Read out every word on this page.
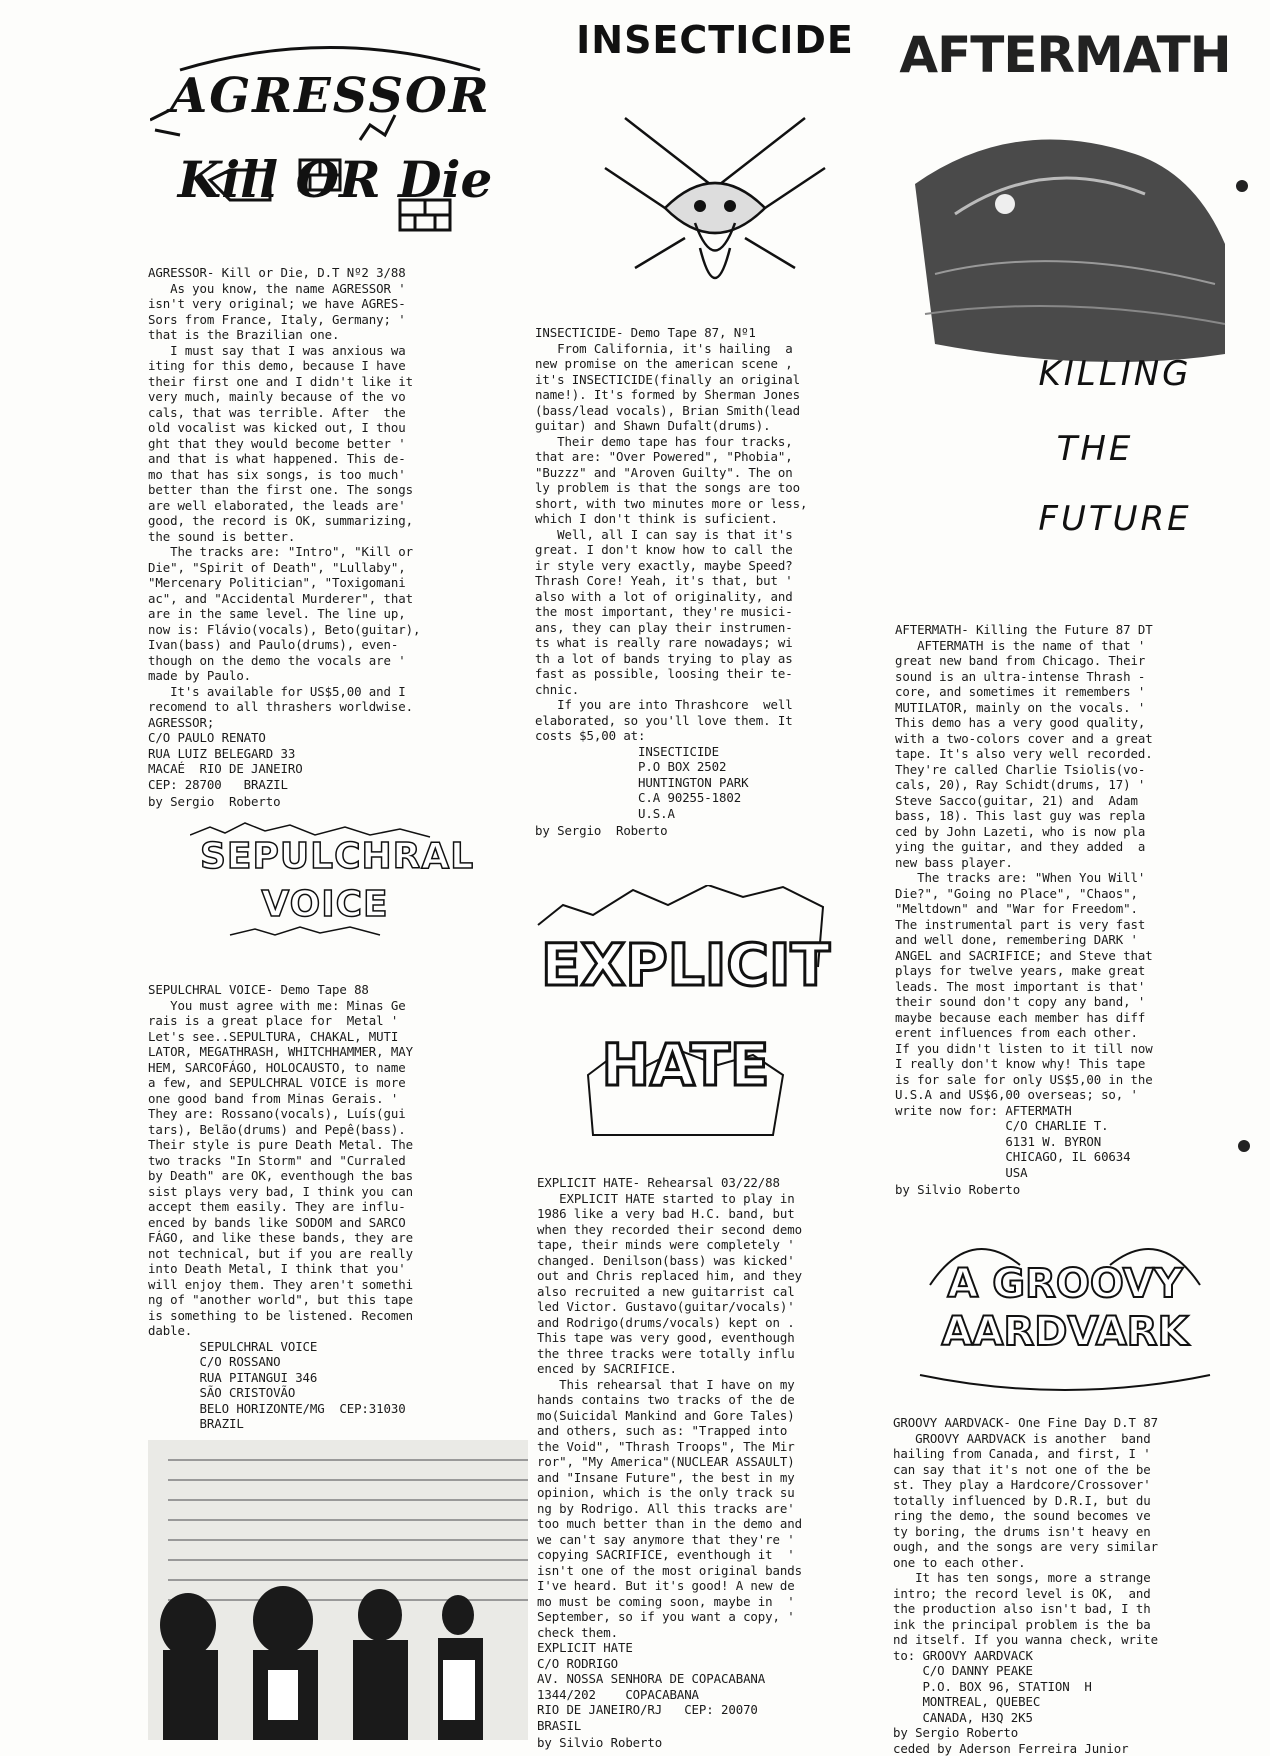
AGRESSOR
Kill OR Die
AGRESSOR- Kill or Die, D.T Nº2 3/88
As you know, the name AGRESSOR '
isn't very original; we have AGRES-
Sors from France, Italy, Germany; '
that is the Brazilian one.
I must say that I was anxious wa
iting for this demo, because I have
their first one and I didn't like it
very much, mainly because of the vo
cals, that was terrible. After  the
old vocalist was kicked out, I thou
ght that they would become better '
and that is what happened. This de-
mo that has six songs, is too much'
better than the first one. The songs
are well elaborated, the leads are'
good, the record is OK, summarizing,
the sound is better.
The tracks are: "Intro", "Kill or
Die", "Spirit of Death", "Lullaby",
"Mercenary Politician", "Toxigomani
ac", and "Accidental Murderer", that
are in the same level. The line up,
now is: Flávio(vocals), Beto(guitar),
Ivan(bass) and Paulo(drums), even-
though on the demo the vocals are '
made by Paulo.
It's available for US$5,00 and I
recomend to all thrashers worldwise.
AGRESSOR;
C/O PAULO RENATO
RUA LUIZ BELEGARD 33
MACAÉ  RIO DE JANEIRO
CEP: 28700   BRAZIL

by Sergio  Roberto
SEPULCHRAL VOICE
SEPULCHRAL VOICE- Demo Tape 88
You must agree with me: Minas Ge
rais is a great place for  Metal '
Let's see..SEPULTURA, CHAKAL, MUTI
LATOR, MEGATHRASH, WHITCHHAMMER, MAY
HEM, SARCOFÁGO, HOLOCAUSTO, to name
a few, and SEPULCHRAL VOICE is more
one good band from Minas Gerais. '
They are: Rossano(vocals), Luís(gui
tars), Belão(drums) and Pepê(bass).
Their style is pure Death Metal. The
two tracks "In Storm" and "Curraled
by Death" are OK, eventhough the bas
sist plays very bad, I think you can
accept them easily. They are influ-
enced by bands like SODOM and SARCO
FÁGO, and like these bands, they are
not technical, but if you are really
into Death Metal, I think that you'
will enjoy them. They aren't somethi
ng of "another world", but this tape
is something to be listened. Recomen
dable.
SEPULCHRAL VOICE
C/O ROSSANO
RUA PITANGUI 346
SÃO CRISTOVÃO
BELO HORIZONTE/MG  CEP:31030
BRAZIL

INSECTICIDE
INSECTICIDE- Demo Tape 87, Nº1
From California, it's hailing  a
new promise on the american scene ,
it's INSECTICIDE(finally an original
name!). It's formed by Sherman Jones
(bass/lead vocals), Brian Smith(lead
guitar) and Shawn Dufalt(drums).
Their demo tape has four tracks,
that are: "Over Powered", "Phobia",
"Buzzz" and "Aroven Guilty". The on
ly problem is that the songs are too
short, with two minutes more or less,
which I don't think is suficient.
Well, all I can say is that it's
great. I don't know how to call the
ir style very exactly, maybe Speed?
Thrash Core! Yeah, it's that, but '
also with a lot of originality, and
the most important, they're musici-
ans, they can play their instrumen-
ts what is really rare nowadays; wi
th a lot of bands trying to play as
fast as possible, loosing their te-
chnic.
If you are into Thrashcore  well
elaborated, so you'll love them. It
costs $5,00 at:
INSECTICIDE
P.O BOX 2502
HUNTINGTON PARK
C.A 90255-1802
U.S.A

by Sergio  Roberto
EXPLICIT HATE
EXPLICIT HATE- Rehearsal 03/22/88
EXPLICIT HATE started to play in
1986 like a very bad H.C. band, but
when they recorded their second demo
tape, their minds were completely '
changed. Denilson(bass) was kicked'
out and Chris replaced him, and they
also recruited a new guitarrist cal
led Victor. Gustavo(guitar/vocals)'
and Rodrigo(drums/vocals) kept on .
This tape was very good, eventhough
the three tracks were totally influ
enced by SACRIFICE.
This rehearsal that I have on my
hands contains two tracks of the de
mo(Suicidal Mankind and Gore Tales)
and others, such as: "Trapped into
the Void", "Thrash Troops", The Mir
ror", "My America"(NUCLEAR ASSAULT)
and "Insane Future", the best in my
opinion, which is the only track su
ng by Rodrigo. All this tracks are'
too much better than in the demo and
we can't say anymore that they're '
copying SACRIFICE, eventhough it  '
isn't one of the most original bands
I've heard. But it's good! A new de
mo must be coming soon, maybe in  '
September, so if you want a copy, '
check them.
EXPLICIT HATE
C/O RODRIGO
AV. NOSSA SENHORA DE COPACABANA
1344/202    COPACABANA
RIO DE JANEIRO/RJ   CEP: 20070
BRASIL

by Silvio Roberto
AFTERMATH
KILLING
THE
FUTURE
AFTERMATH- Killing the Future 87 DT
AFTERMATH is the name of that '
great new band from Chicago. Their
sound is an ultra-intense Thrash -
core, and sometimes it remembers '
MUTILATOR, mainly on the vocals. '
This demo has a very good quality,
with a two-colors cover and a great
tape. It's also very well recorded.
They're called Charlie Tsiolis(vo-
cals, 20), Ray Schidt(drums, 17) '
Steve Sacco(guitar, 21) and  Adam
bass, 18). This last guy was repla
ced by John Lazeti, who is now pla
ying the guitar, and they added  a
new bass player.
The tracks are: "When You Will'
Die?", "Going no Place", "Chaos",
"Meltdown" and "War for Freedom".
The instrumental part is very fast
and well done, remembering DARK '
ANGEL and SACRIFICE; and Steve that
plays for twelve years, make great
leads. The most important is that'
their sound don't copy any band, '
maybe because each member has diff
erent influences from each other.
If you didn't listen to it till now
I really don't know why! This tape
is for sale for only US$5,00 in the
U.S.A and US$6,00 overseas; so, '
write now for: AFTERMATH
C/O CHARLIE T.
6131 W. BYRON
CHICAGO, IL 60634
USA

by Silvio Roberto
A GROOVY AARDVARK
GROOVY AARDVACK- One Fine Day D.T 87
GROOVY AARDVACK is another  band
hailing from Canada, and first, I '
can say that it's not one of the be
st. They play a Hardcore/Crossover'
totally influenced by D.R.I, but du
ring the demo, the sound becomes ve
ty boring, the drums isn't heavy en
ough, and the songs are very similar
one to each other.
It has ten songs, more a strange
intro; the record level is OK,  and
the production also isn't bad, I th
ink the principal problem is the ba
nd itself. If you wanna check, write
to: GROOVY AARDVACK
C/O DANNY PEAKE
P.O. BOX 96, STATION  H
MONTREAL, QUEBEC
CANADA, H3Q 2K5
by Sergio Roberto
ceded by Aderson Ferreira Junior
